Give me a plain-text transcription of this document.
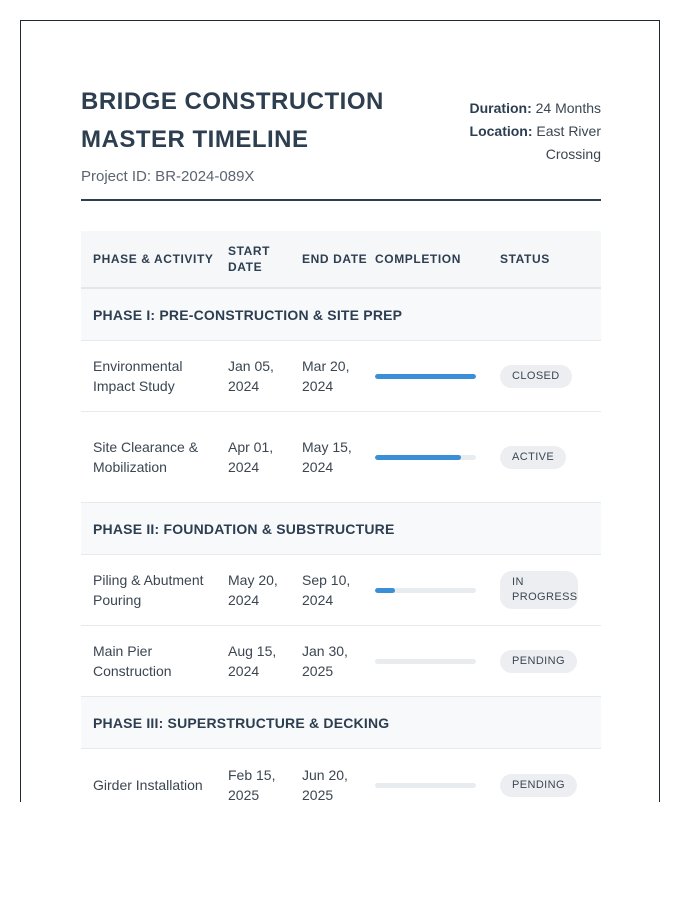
BRIDGE CONSTRUCTION MASTER TIMELINE
Project ID: BR-2024-089X
Duration: 24 Months
Location: East River Crossing
PHASE & ACTIVITY
START DATE
END DATE COMPLETION	STATUS
PHASE I: PRE-CONSTRUCTION & SITE PREP
Environmental Impact Study
Jan 05, 2024
Mar 20, 2024
CLOSED
Site Clearance & Mobilization
Apr 01, 2024
May 15, 2024
ACTIVE
PHASE II: FOUNDATION & SUBSTRUCTURE
Piling & Abutment Pouring
May 20, 2024
Sep 10, 2024
IN PROGRESS
Main Pier Construction
Aug 15, 2024
Jan 30, 2025
PENDING
PHASE III: SUPERSTRUCTURE & DECKING
Girder Installation
Feb 15, 2025
Jun 20, 2025
PENDING
